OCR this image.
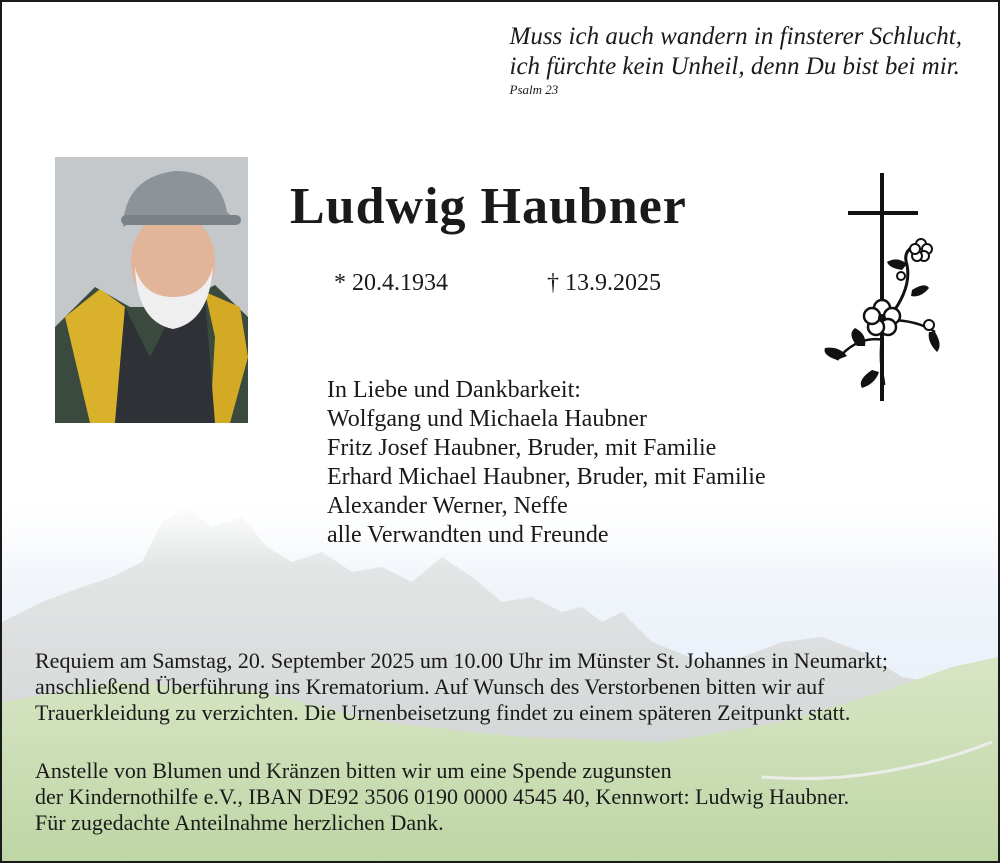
Muss ich auch wandern in finsterer Schlucht,
ich fürchte kein Unheil, denn Du bist bei mir.
Psalm 23
Ludwig Haubner
* 20.4.1934	† 13.9.2025
In Liebe und Dankbarkeit:
Wolfgang und Michaela Haubner
Fritz Josef Haubner, Bruder, mit Familie
Erhard Michael Haubner, Bruder, mit Familie
Alexander Werner, Neffe
alle Verwandten und Freunde
Requiem am Samstag, 20. September 2025 um 10.00 Uhr im Münster St. Johannes in Neumarkt;
anschließend Überführung ins Krematorium. Auf Wunsch des Verstorbenen bitten wir auf
Trauerkleidung zu verzichten. Die Urnenbeisetzung findet zu einem späteren Zeitpunkt statt.
Anstelle von Blumen und Kränzen bitten wir um eine Spende zugunsten
der Kindernothilfe e.V., IBAN DE92 3506 0190 0000 4545 40, Kennwort: Ludwig Haubner.
Für zugedachte Anteilnahme herzlichen Dank.
